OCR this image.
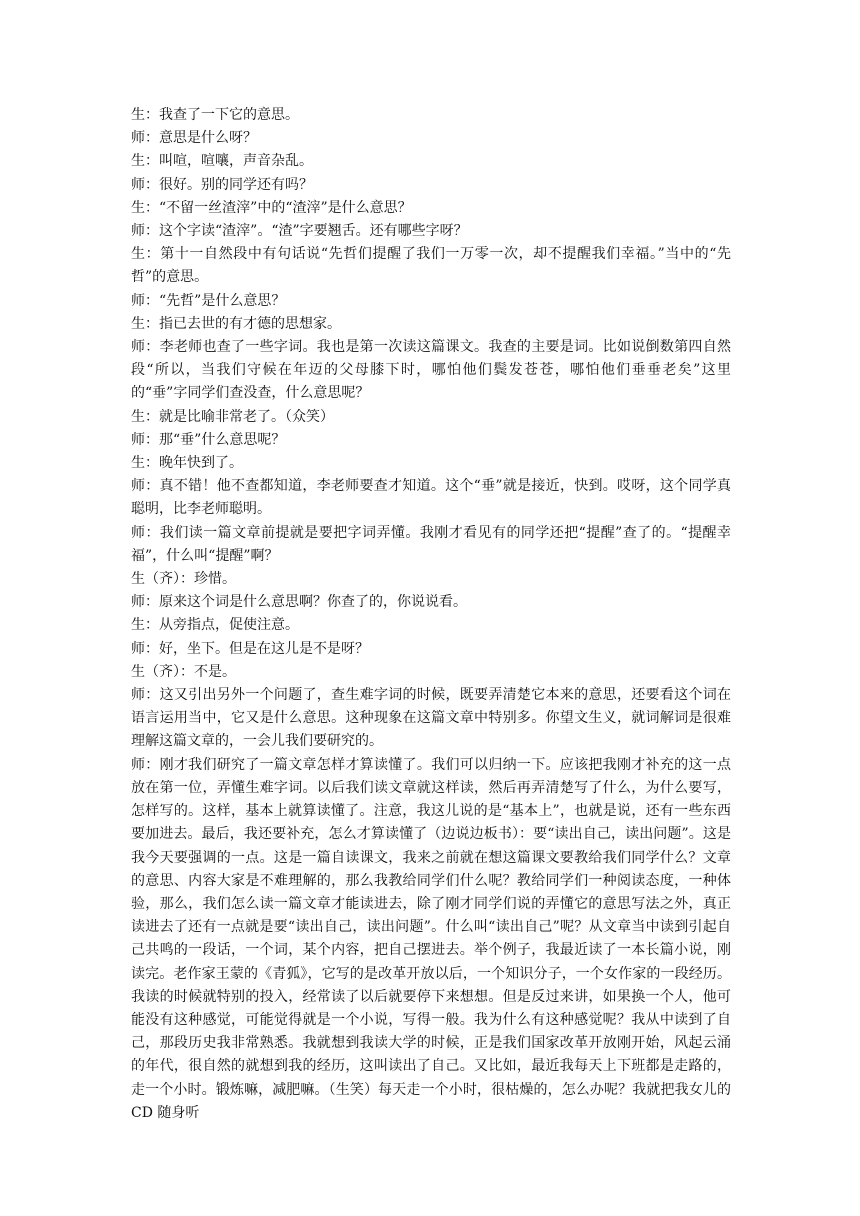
生：我查了一下它的意思。

师：意思是什么呀？

生：叫喧，喧嚷，声音杂乱。

师：很好。别的同学还有吗？

生：“不留一丝渣滓”中的“渣滓”是什么意思？

师：这个字读“渣滓”。“渣”字要翘舌。还有哪些字呀？

生：第十一自然段中有句话说“先哲们提醒了我们一万零一次，却不提醒我们幸福。”当中的“先哲”的意思。

师：“先哲”是什么意思？

生：指已去世的有才德的思想家。

师：李老师也查了一些字词。我也是第一次读这篇课文。我查的主要是词。比如说倒数第四自然段“所以，当我们守候在年迈的父母膝下时，哪怕他们鬓发苍苍，哪怕他们垂垂老矣”这里的“垂”字同学们查没查，什么意思呢？

生：就是比喻非常老了。（众笑）

师：那“垂”什么意思呢？

生：晚年快到了。

师：真不错！他不查都知道，李老师要查才知道。这个“垂”就是接近，快到。哎呀，这个同学真聪明，比李老师聪明。

师：我们读一篇文章前提就是要把字词弄懂。我刚才看见有的同学还把“提醒”查了的。“提醒幸福”，什么叫“提醒”啊？

生（齐）：珍惜。

师：原来这个词是什么意思啊？你查了的，你说说看。

生：从旁指点，促使注意。

师：好，坐下。但是在这儿是不是呀？

生（齐）：不是。

师：这又引出另外一个问题了，查生难字词的时候，既要弄清楚它本来的意思，还要看这个词在语言运用当中，它又是什么意思。这种现象在这篇文章中特别多。你望文生义，就词解词是很难理解这篇文章的，一会儿我们要研究的。

师：刚才我们研究了一篇文章怎样才算读懂了。我们可以归纳一下。应该把我刚才补充的这一点放在第一位，弄懂生难字词。以后我们读文章就这样读，然后再弄清楚写了什么，为什么要写，怎样写的。这样，基本上就算读懂了。注意，我这儿说的是“基本上”，也就是说，还有一些东西要加进去。最后，我还要补充，怎么才算读懂了（边说边板书）：要“读出自己，读出问题”。这是我今天要强调的一点。这是一篇自读课文，我来之前就在想这篇课文要教给我们同学什么？文章的意思、内容大家是不难理解的，那么我教给同学们什么呢？教给同学们一种阅读态度，一种体验，那么，我们怎么读一篇文章才能读进去，除了刚才同学们说的弄懂它的意思写法之外，真正读进去了还有一点就是要“读出自己，读出问题”。什么叫“读出自己”呢？从文章当中读到引起自己共鸣的一段话，一个词，某个内容，把自己摆进去。举个例子，我最近读了一本长篇小说，刚读完。老作家王蒙的《青狐》，它写的是改革开放以后，一个知识分子，一个女作家的一段经历。我读的时候就特别的投入，经常读了以后就要停下来想想。但是反过来讲，如果换一个人，他可能没有这种感觉，可能觉得就是一个小说，写得一般。我为什么有这种感觉呢？我从中读到了自己，那段历史我非常熟悉。我就想到我读大学的时候，正是我们国家改革开放刚开始，风起云涌的年代，很自然的就想到我的经历，这叫读出了自己。又比如，最近我每天上下班都是走路的，走一个小时。锻炼嘛，减肥嘛。（生笑）每天走一个小时，很枯燥的，怎么办呢？我就把我女儿的 CD 随身听
